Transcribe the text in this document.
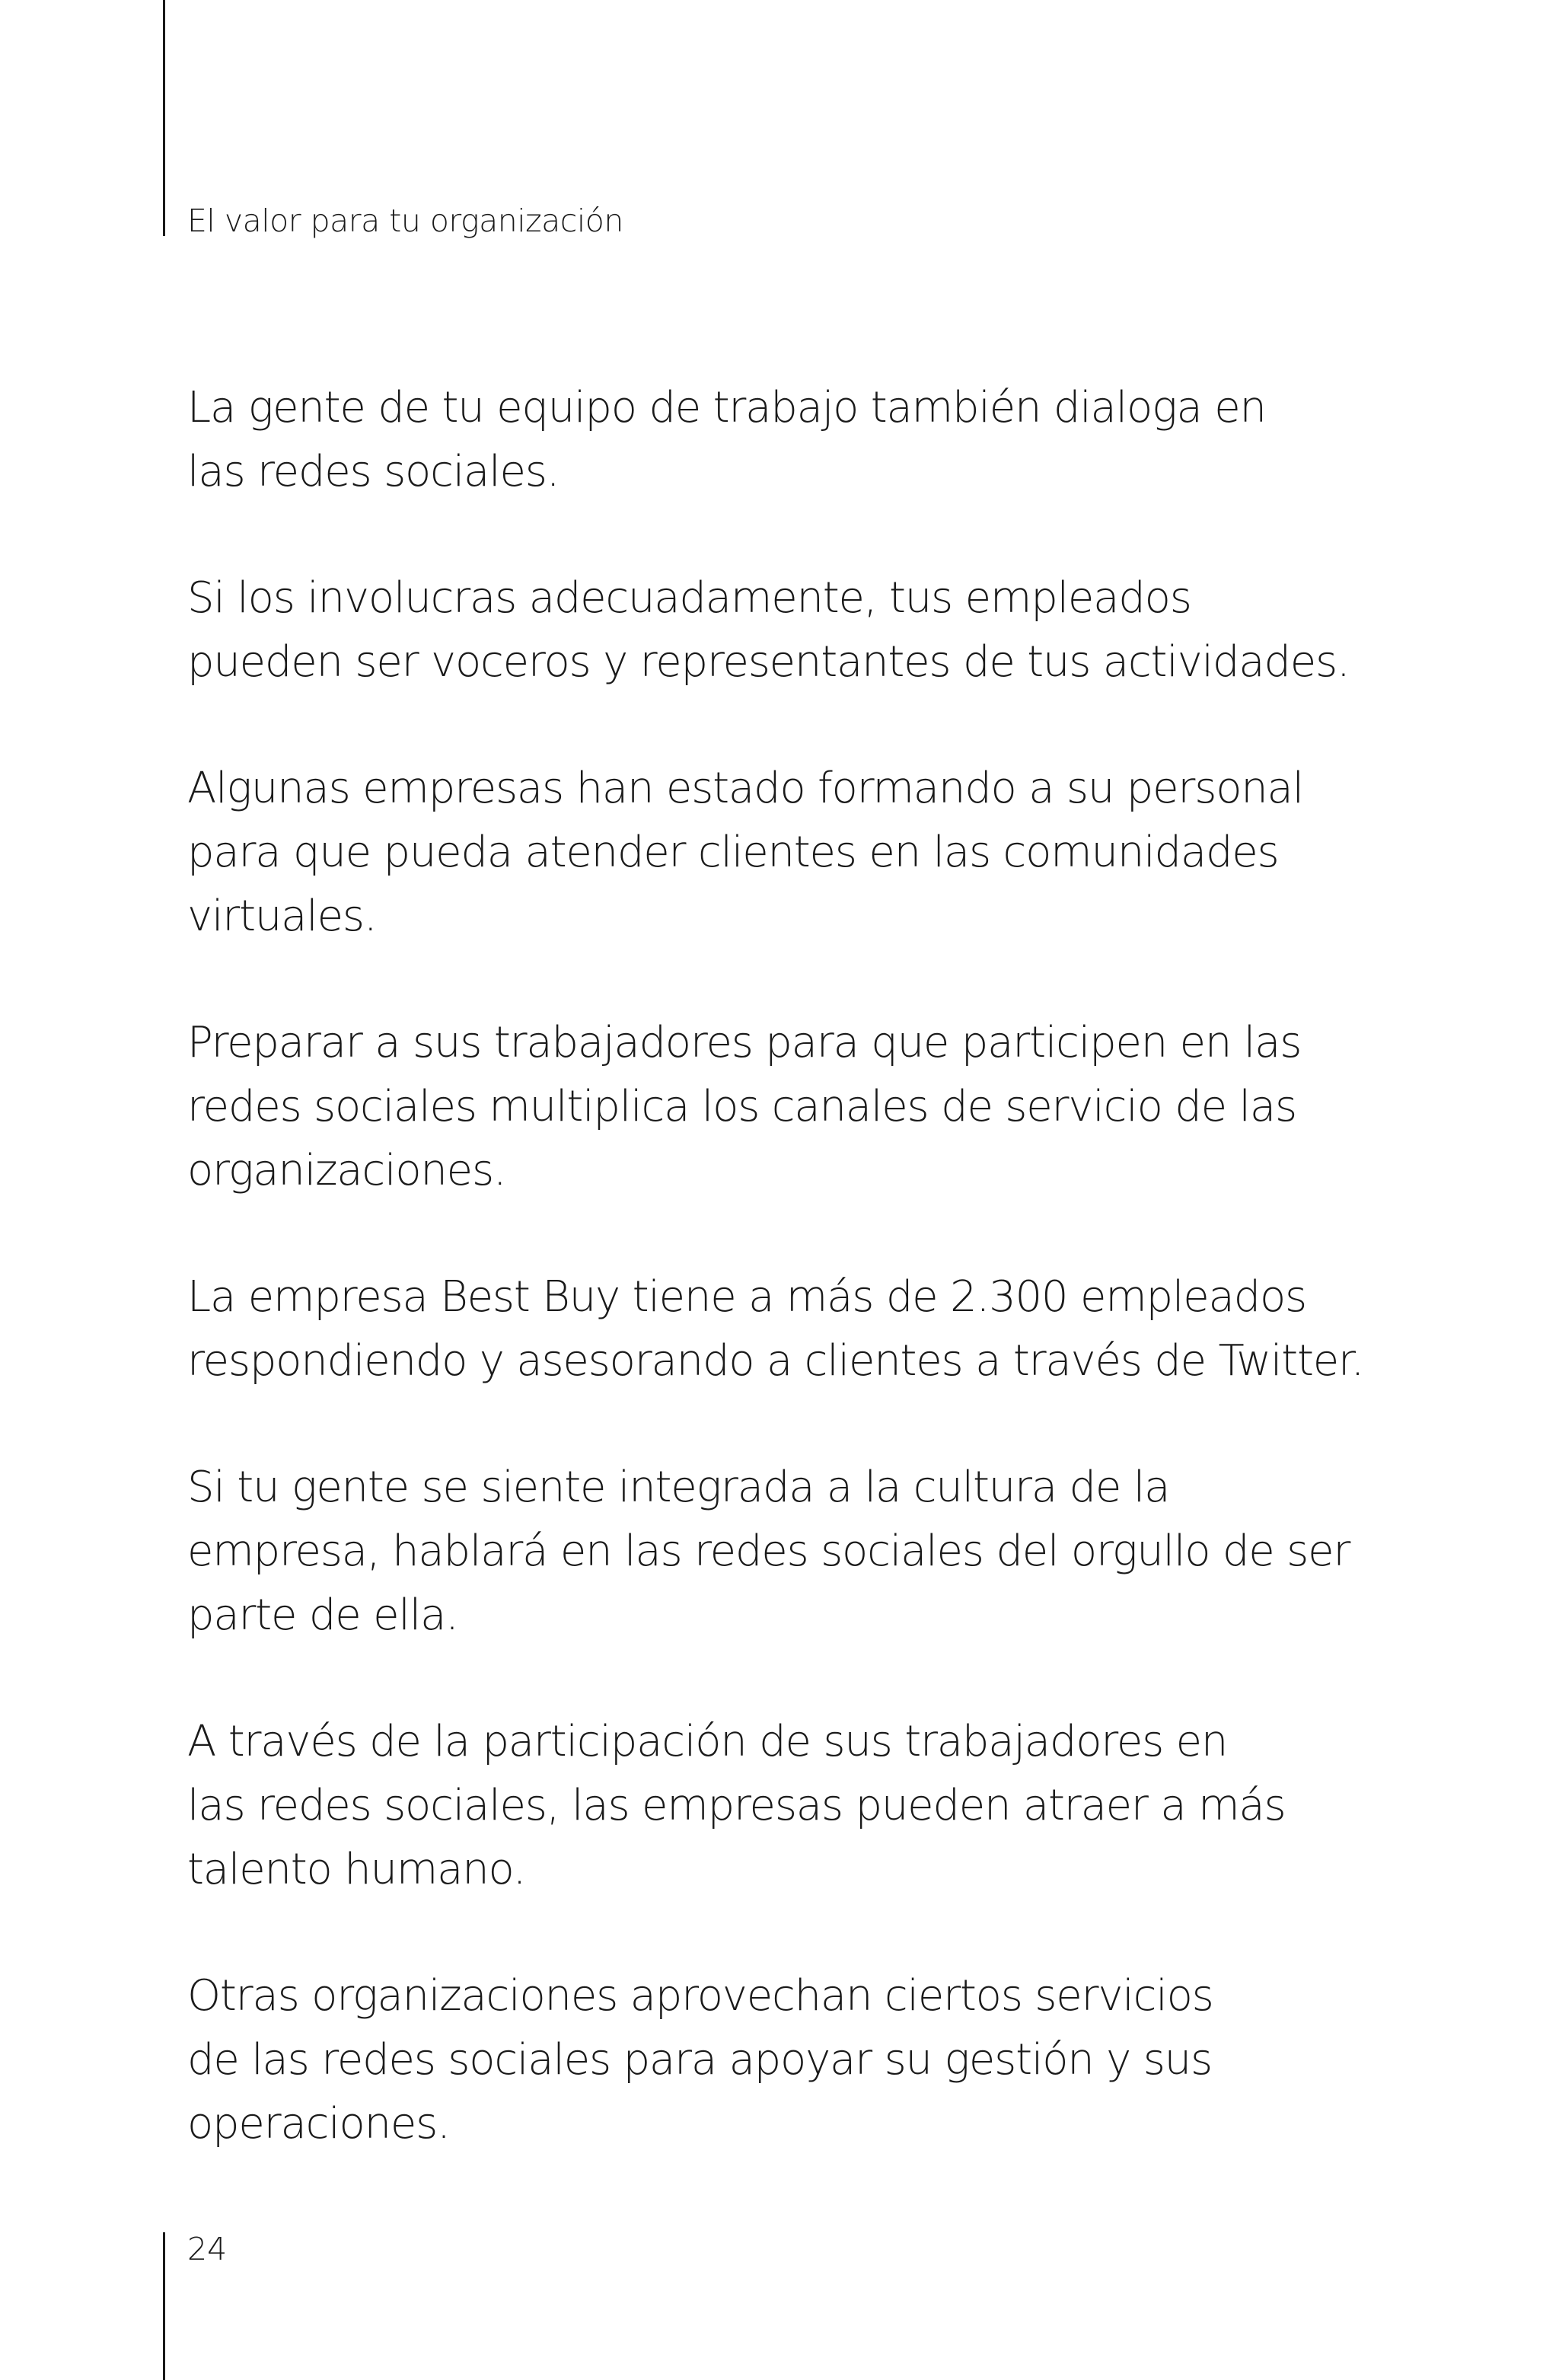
El valor para tu organización

La gente de tu equipo de trabajo también dialoga en
las redes sociales.

Si los involucras adecuadamente, tus empleados
pueden ser voceros y representantes de tus actividades.

Algunas empresas han estado formando a su personal
para que pueda atender clientes en las comunidades
virtuales.

Preparar a sus trabajadores para que participen en las
redes sociales multiplica los canales de servicio de las
organizaciones.

La empresa Best Buy tiene a más de 2.300 empleados
respondiendo y asesorando a clientes a través de Twitter.

Si tu gente se siente integrada a la cultura de la
empresa, hablará en las redes sociales del orgullo de ser
parte de ella.

A través de la participación de sus trabajadores en
las redes sociales, las empresas pueden atraer a más
talento humano.

Otras organizaciones aprovechan ciertos servicios
de las redes sociales para apoyar su gestión y sus
operaciones.

24
